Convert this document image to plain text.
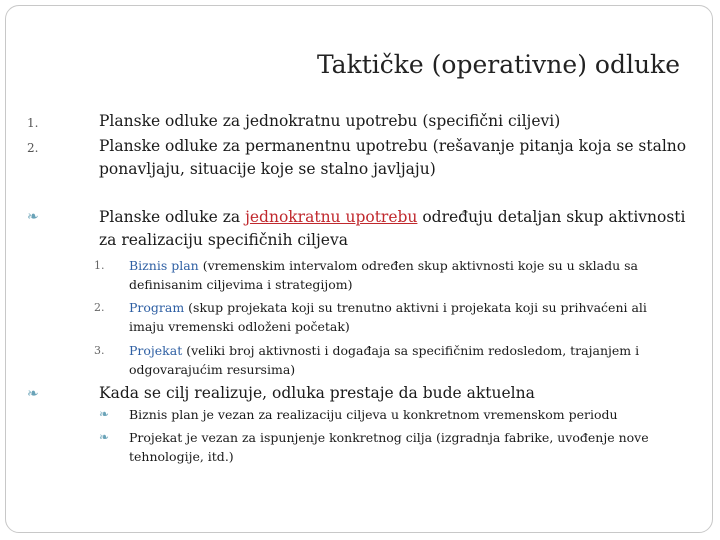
Taktičke (operativne) odluke
1.	Planske odluke za jednokratnu upotrebu (specifični ciljevi)
2.	Planske odluke za permanentnu upotrebu (rešavanje pitanja koja se stalno
ponavljaju, situacije koje se stalno javljaju)
❧	Planske odluke za jednokratnu upotrebu određuju detaljan skup aktivnosti
za realizaciju specifičnih ciljeva
1. Biznis plan (vremenskim intervalom određen skup aktivnosti koje su u skladu sa
definisanim ciljevima i strategijom)
2. Program (skup projekata koji su trenutno aktivni i projekata koji su prihvaćeni ali
imaju vremenski odloženi početak)
3. Projekat (veliki broj aktivnosti i događaja sa specifičnim redosledom, trajanjem i
odgovarajućim resursima)
❧	Kada se cilj realizuje, odluka prestaje da bude aktuelna
❧ Biznis plan je vezan za realizaciju ciljeva u konkretnom vremenskom periodu
❧ Projekat je vezan za ispunjenje konkretnog cilja (izgradnja fabrike, uvođenje nove
tehnologije, itd.)
